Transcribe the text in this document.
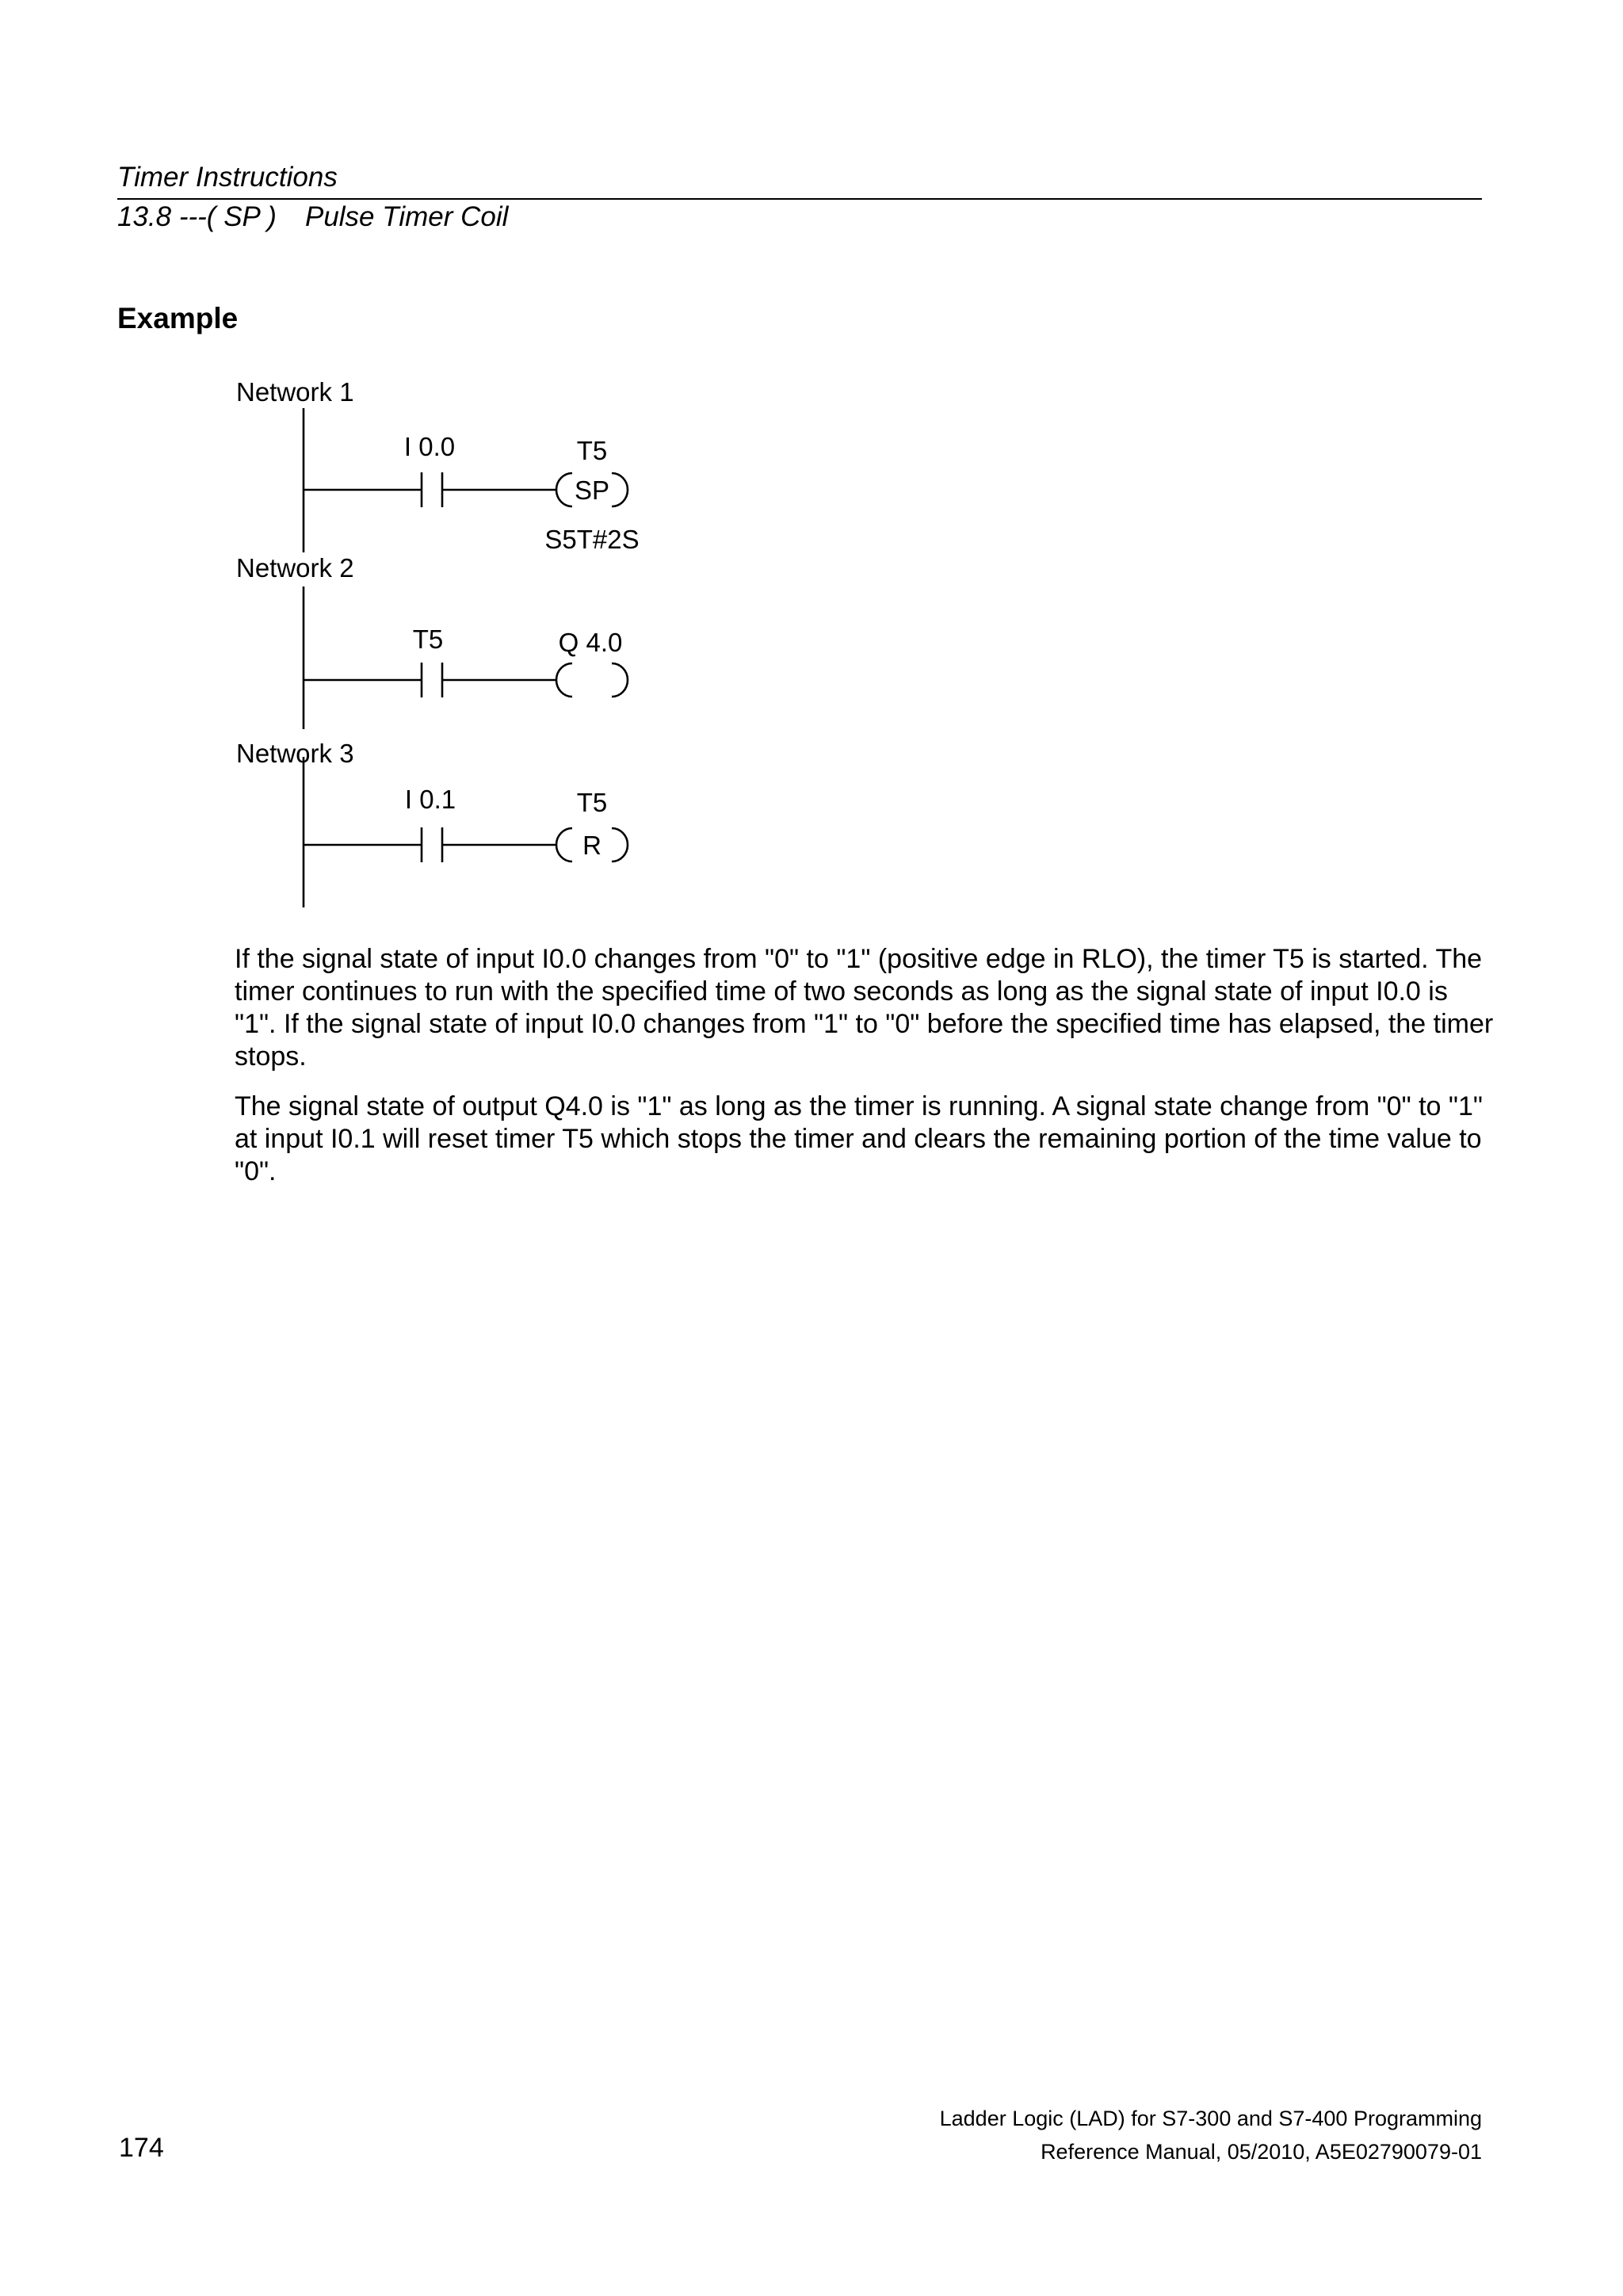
Timer Instructions
13.8 ---( SP ) Pulse Timer Coil
Example
Network 1
I 0.0	T5
SP
S5T#2S
Network 2
T5	Q 4.0
Network 3
I 0.1	T5
R

If the signal state of input I0.0 changes from "0" to "1" (positive edge in RLO), the timer T5 is started. The timer continues to run with the specified time of two seconds as long as the signal state of input I0.0 is "1". If the signal state of input I0.0 changes from "1" to "0" before the specified time has elapsed, the timer stops.

The signal state of output Q4.0 is "1" as long as the timer is running. A signal state change from "0" to "1" at input I0.1 will reset timer T5 which stops the timer and clears the remaining portion of the time value to "0".

174
Ladder Logic (LAD) for S7-300 and S7-400 Programming
Reference Manual, 05/2010, A5E02790079-01
